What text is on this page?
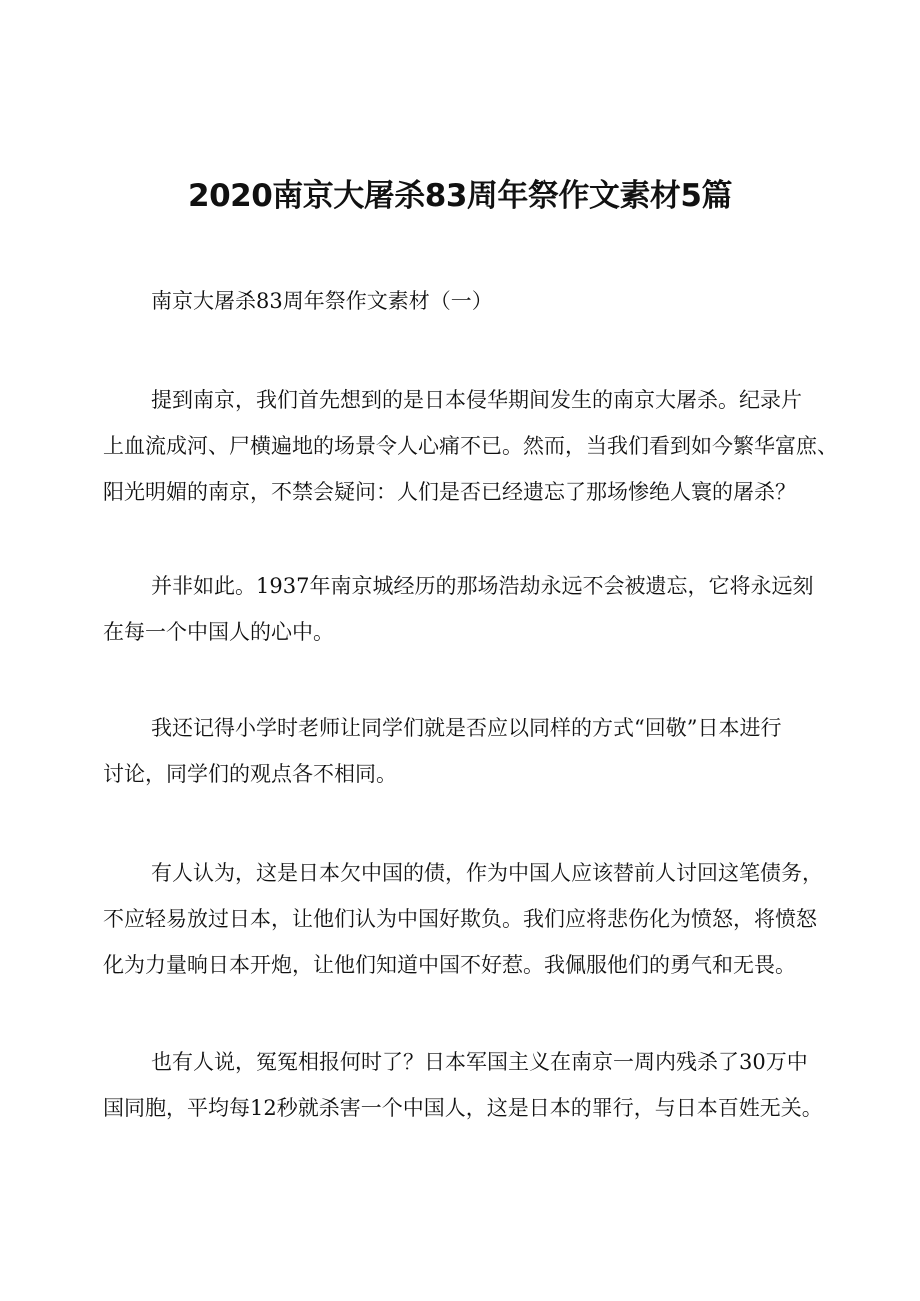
2020南京大屠杀83周年祭作文素材5篇

南京大屠杀83周年祭作文素材（一）

提到南京，我们首先想到的是日本侵华期间发生的南京大屠杀。纪录片
上血流成河、尸横遍地的场景令人心痛不已。然而，当我们看到如今繁华富庶、
阳光明媚的南京，不禁会疑问：人们是否已经遗忘了那场惨绝人寰的屠杀？

并非如此。1937年南京城经历的那场浩劫永远不会被遗忘，它将永远刻
在每一个中国人的心中。

我还记得小学时老师让同学们就是否应以同样的方式“回敬”日本进行
讨论，同学们的观点各不相同。

有人认为，这是日本欠中国的债，作为中国人应该替前人讨回这笔债务，
不应轻易放过日本，让他们认为中国好欺负。我们应将悲伤化为愤怒，将愤怒
化为力量晌日本开炮，让他们知道中国不好惹。我佩服他们的勇气和无畏。

也有人说，冤冤相报何时了？日本军国主义在南京一周内残杀了30万中
国同胞，平均每12秒就杀害一个中国人，这是日本的罪行，与日本百姓无关。
